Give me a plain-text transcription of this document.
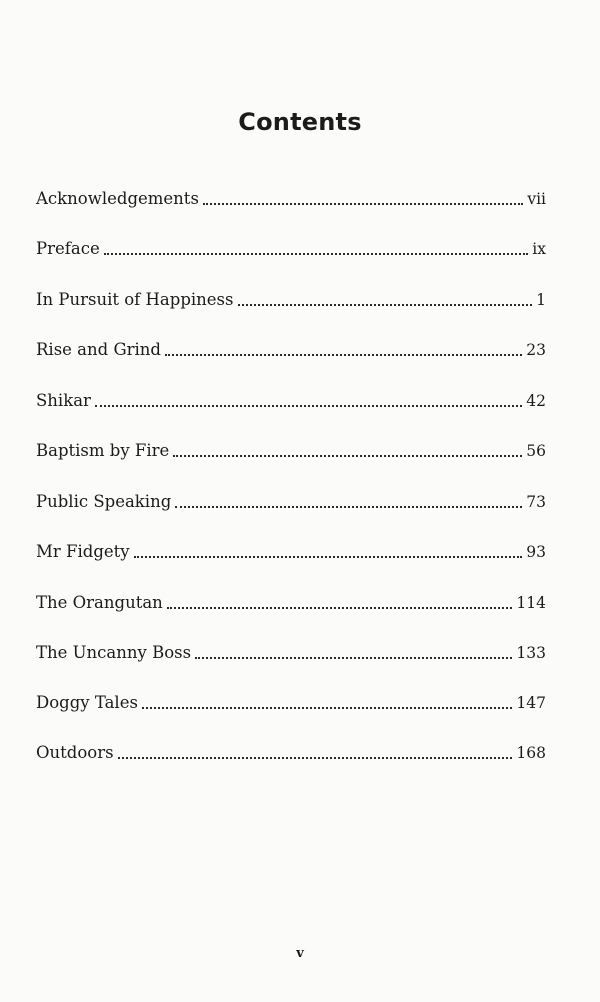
Contents
Acknowledgements	vii
Preface	ix
In Pursuit of Happiness	1
Rise and Grind	23
Shikar	42
Baptism by Fire	56
Public Speaking	73
Mr Fidgety	93
The Orangutan	114
The Uncanny Boss	133
Doggy Tales	147
Outdoors	168
v
